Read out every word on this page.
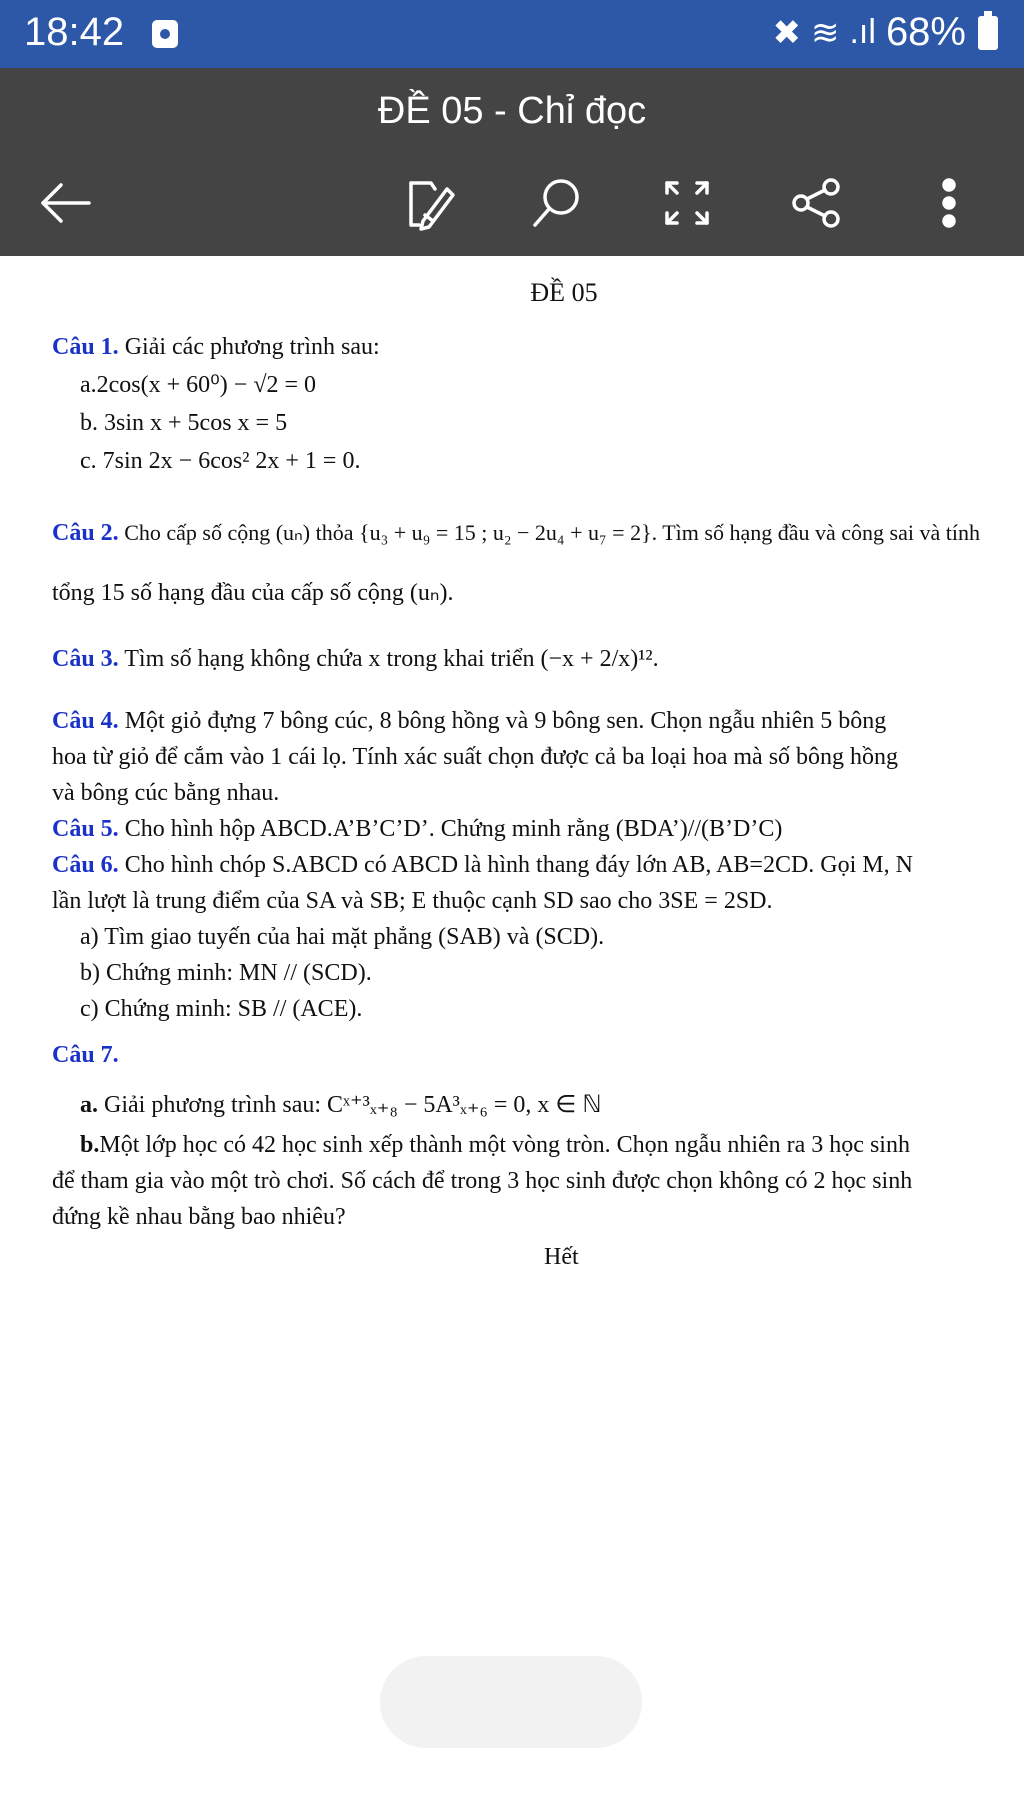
18:42	✖ ≋ .ıl 68%
ĐỀ 05 - Chỉ đọc
ĐỀ 05
Câu 1. Giải các phương trình sau:
a.2cos(x + 60⁰) − √2 = 0
b. 3sin x + 5cos x = 5
c. 7sin 2x − 6cos² 2x + 1 = 0.
Câu 2. Cho cấp số cộng (uₙ) thỏa {u₃ + u₉ = 15 ; u₂ − 2u₄ + u₇ = 2}. Tìm số hạng đầu và công sai và tính
tổng 15 số hạng đầu của cấp số cộng (uₙ).
Câu 3. Tìm số hạng không chứa x trong khai triển (−x + 2/x)¹².
Câu 4. Một giỏ đựng 7 bông cúc, 8 bông hồng và 9 bông sen. Chọn ngẫu nhiên 5 bông
hoa từ giỏ để cắm vào 1 cái lọ. Tính xác suất chọn được cả ba loại hoa mà số bông hồng
và bông cúc bằng nhau.
Câu 5. Cho hình hộp ABCD.A’B’C’D’. Chứng minh rằng (BDA’)//(B’D’C)
Câu 6. Cho hình chóp S.ABCD có ABCD là hình thang đáy lớn AB, AB=2CD. Gọi M, N
lần lượt là trung điểm của SA và SB; E thuộc cạnh SD sao cho 3SE = 2SD.
a) Tìm giao tuyến của hai mặt phẳng (SAB) và (SCD).
b) Chứng minh: MN // (SCD).
c) Chứng minh: SB // (ACE).
Câu 7.
a. Giải phương trình sau: Cˣ⁺³ₓ₊₈ − 5A³ₓ₊₆ = 0, x ∈ ℕ
b.Một lớp học có 42 học sinh xếp thành một vòng tròn. Chọn ngẫu nhiên ra 3 học sinh
để tham gia vào một trò chơi. Số cách để trong 3 học sinh được chọn không có 2 học sinh
đứng kề nhau bằng bao nhiêu?
Hết
